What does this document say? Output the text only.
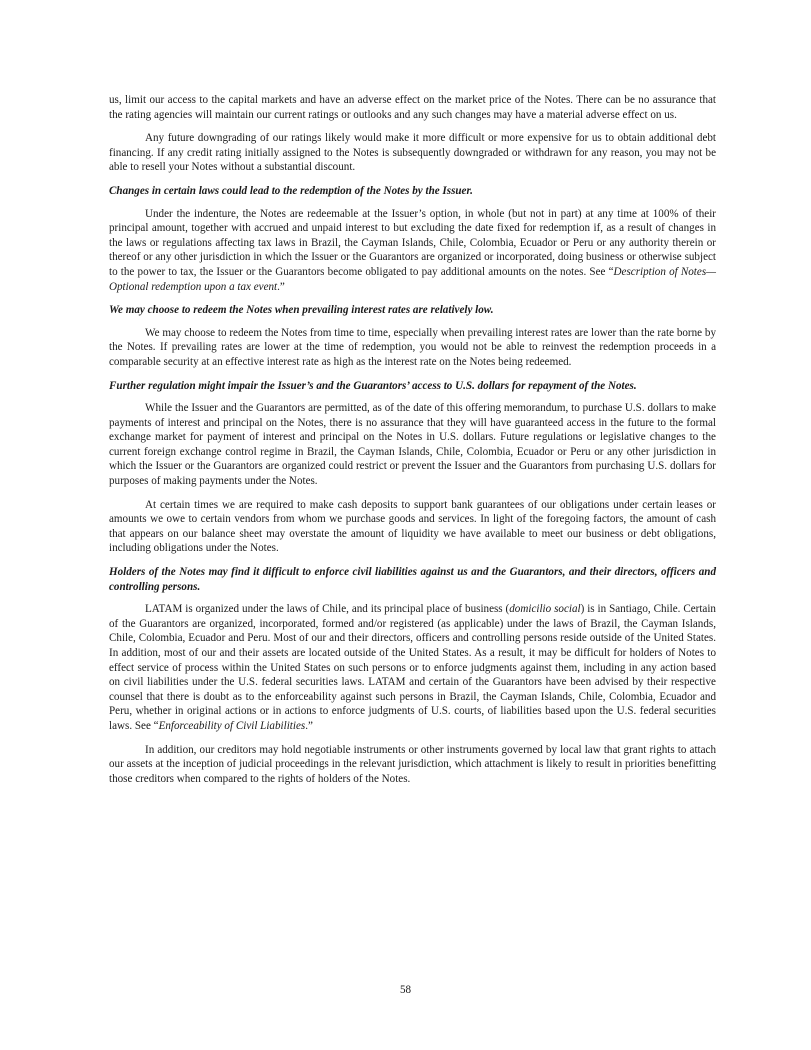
us, limit our access to the capital markets and have an adverse effect on the market price of the Notes. There can be no assurance that the rating agencies will maintain our current ratings or outlooks and any such changes may have a material adverse effect on us.

Any future downgrading of our ratings likely would make it more difficult or more expensive for us to obtain additional debt financing. If any credit rating initially assigned to the Notes is subsequently downgraded or withdrawn for any reason, you may not be able to resell your Notes without a substantial discount.

Changes in certain laws could lead to the redemption of the Notes by the Issuer.

Under the indenture, the Notes are redeemable at the Issuer’s option, in whole (but not in part) at any time at 100% of their principal amount, together with accrued and unpaid interest to but excluding the date fixed for redemption if, as a result of changes in the laws or regulations affecting tax laws in Brazil, the Cayman Islands, Chile, Colombia, Ecuador or Peru or any authority therein or thereof or any other jurisdiction in which the Issuer or the Guarantors are organized or incorporated, doing business or otherwise subject to the power to tax, the Issuer or the Guarantors become obligated to pay additional amounts on the notes. See “Description of Notes—Optional redemption upon a tax event.”

We may choose to redeem the Notes when prevailing interest rates are relatively low.

We may choose to redeem the Notes from time to time, especially when prevailing interest rates are lower than the rate borne by the Notes. If prevailing rates are lower at the time of redemption, you would not be able to reinvest the redemption proceeds in a comparable security at an effective interest rate as high as the interest rate on the Notes being redeemed.

Further regulation might impair the Issuer’s and the Guarantors’ access to U.S. dollars for repayment of the Notes.

While the Issuer and the Guarantors are permitted, as of the date of this offering memorandum, to purchase U.S. dollars to make payments of interest and principal on the Notes, there is no assurance that they will have guaranteed access in the future to the formal exchange market for payment of interest and principal on the Notes in U.S. dollars. Future regulations or legislative changes to the current foreign exchange control regime in Brazil, the Cayman Islands, Chile, Colombia, Ecuador or Peru or any other jurisdiction in which the Issuer or the Guarantors are organized could restrict or prevent the Issuer and the Guarantors from purchasing U.S. dollars for purposes of making payments under the Notes.

At certain times we are required to make cash deposits to support bank guarantees of our obligations under certain leases or amounts we owe to certain vendors from whom we purchase goods and services. In light of the foregoing factors, the amount of cash that appears on our balance sheet may overstate the amount of liquidity we have available to meet our business or debt obligations, including obligations under the Notes.

Holders of the Notes may find it difficult to enforce civil liabilities against us and the Guarantors, and their directors, officers and controlling persons.

LATAM is organized under the laws of Chile, and its principal place of business (domicilio social) is in Santiago, Chile. Certain of the Guarantors are organized, incorporated, formed and/or registered (as applicable) under the laws of Brazil, the Cayman Islands, Chile, Colombia, Ecuador and Peru. Most of our and their directors, officers and controlling persons reside outside of the United States. In addition, most of our and their assets are located outside of the United States. As a result, it may be difficult for holders of Notes to effect service of process within the United States on such persons or to enforce judgments against them, including in any action based on civil liabilities under the U.S. federal securities laws. LATAM and certain of the Guarantors have been advised by their respective counsel that there is doubt as to the enforceability against such persons in Brazil, the Cayman Islands, Chile, Colombia, Ecuador and Peru, whether in original actions or in actions to enforce judgments of U.S. courts, of liabilities based upon the U.S. federal securities laws. See “Enforceability of Civil Liabilities.”

In addition, our creditors may hold negotiable instruments or other instruments governed by local law that grant rights to attach our assets at the inception of judicial proceedings in the relevant jurisdiction, which attachment is likely to result in priorities benefitting those creditors when compared to the rights of holders of the Notes.

58
